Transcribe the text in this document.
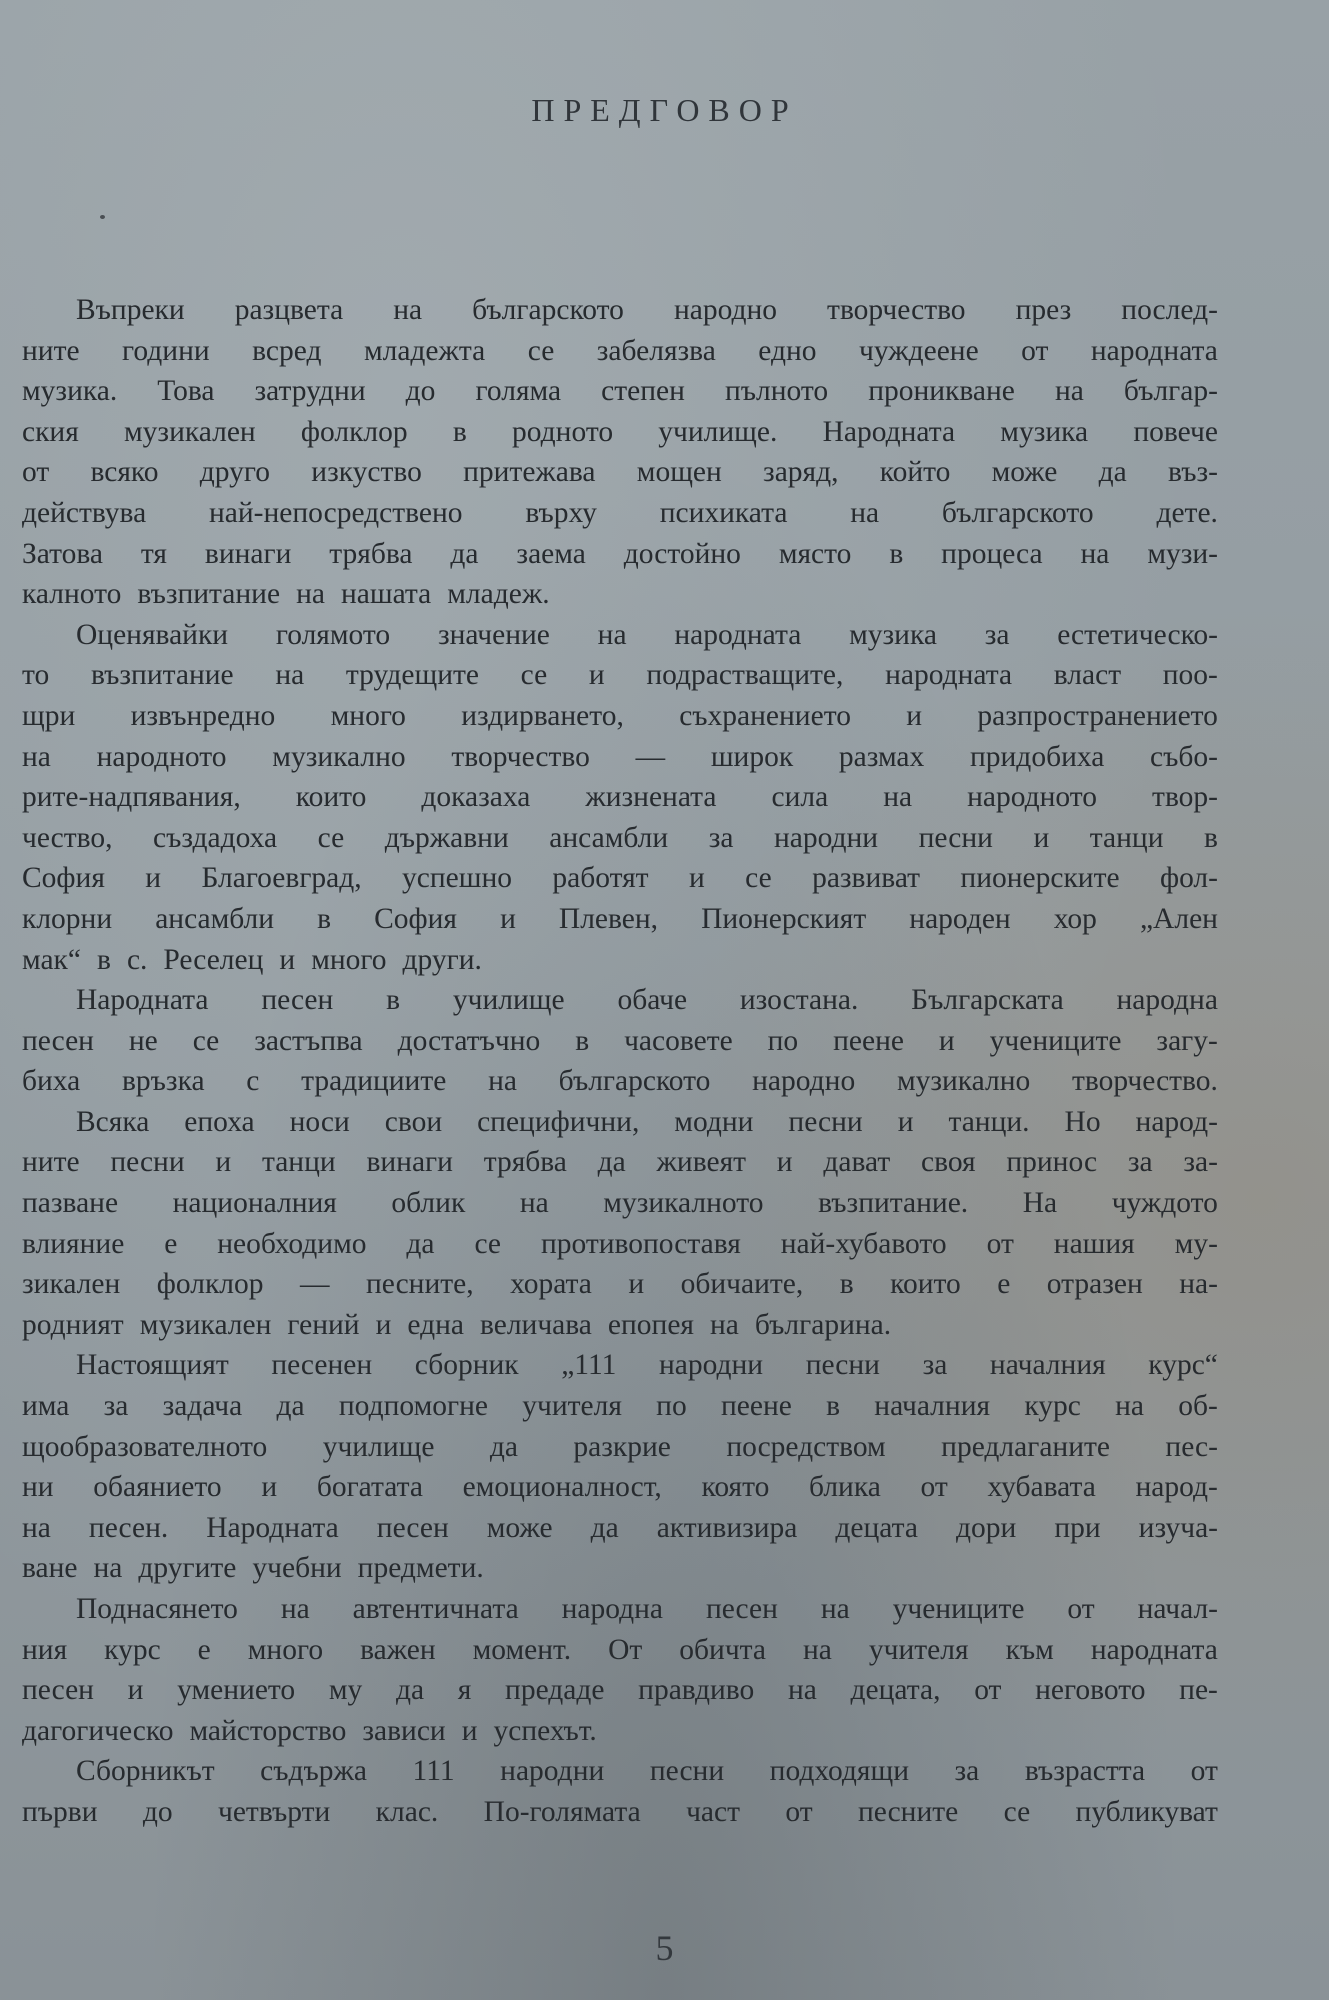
ПРЕДГОВОР
Въпреки разцвета на българското народно творчество през послед-
ните години всред младежта се забелязва едно чуждеене от народната
музика. Това затрудни до голяма степен пълното проникване на българ-
ския музикален фолклор в родното училище. Народната музика повече
от всяко друго изкуство притежава мощен заряд, който може да въз-
действува най-непосредствено върху психиката на българското дете.
Затова тя винаги трябва да заема достойно място в процеса на музи-
калното възпитание на нашата младеж.
Оценявайки голямото значение на народната музика за естетическо-
то възпитание на трудещите се и подрастващите, народната власт поо-
щри извънредно много издирването, съхранението и разпространението
на народното музикално творчество — широк размах придобиха събо-
рите-надпявания, които доказаха жизнената сила на народното твор-
чество, създадоха се държавни ансамбли за народни песни и танци в
София и Благоевград, успешно работят и се развиват пионерските фол-
клорни ансамбли в София и Плевен, Пионерският народен хор „Ален
мак“ в с. Реселец и много други.
Народната песен в училище обаче изостана. Българската народна
песен не се застъпва достатъчно в часовете по пеене и учениците загу-
биха връзка с традициите на българското народно музикално творчество.
Всяка епоха носи свои специфични, модни песни и танци. Но народ-
ните песни и танци винаги трябва да живеят и дават своя принос за за-
пазване националния облик на музикалното възпитание. На чуждото
влияние е необходимо да се противопоставя най-хубавото от нашия му-
зикален фолклор — песните, хората и обичаите, в които е отразен на-
родният музикален гений и една величава епопея на българина.
Настоящият песенен сборник „111 народни песни за началния курс“
има за задача да подпомогне учителя по пеене в началния курс на об-
щообразователното училище да разкрие посредством предлаганите пес-
ни обаянието и богатата емоционалност, която блика от хубавата народ-
на песен. Народната песен може да активизира децата дори при изуча-
ване на другите учебни предмети.
Поднасянето на автентичната народна песен на учениците от начал-
ния курс е много важен момент. От обичта на учителя към народната
песен и умението му да я предаде правдиво на децата, от неговото пе-
дагогическо майсторство зависи и успехът.
Сборникът съдържа 111 народни песни подходящи за възрастта от
първи до четвърти клас. По-голямата част от песните се публикуват
5
